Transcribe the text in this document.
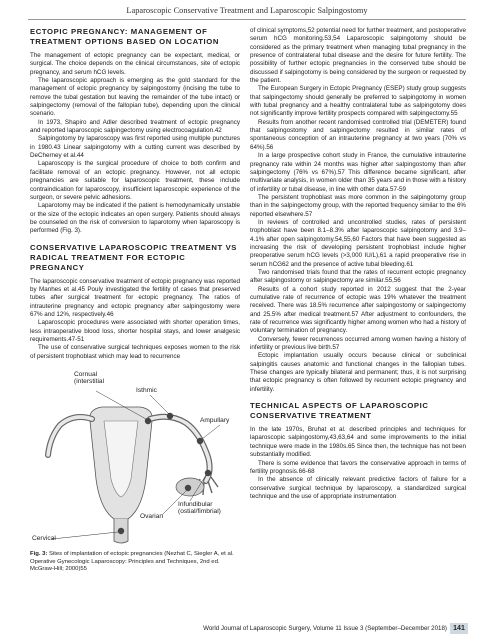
Laparoscopic Conservative Treatment and Laparoscopic Salpingostomy
ECTOPIC PREGNANCY: MANAGEMENT OF TREATMENT OPTIONS BASED ON LOCATION

The management of ectopic pregnancy can be expectant, medical, or surgical. The choice depends on the clinical circumstances, site of ectopic pregnancy, and serum hCG levels.

The laparoscopic approach is emerging as the gold standard for the management of ectopic pregnancy by salpingostomy (incising the tube to remove the tubal gestation but leaving the remainder of the tube intact) or salpingectomy (removal of the fallopian tube), depending upon the clinical scenario.

In 1973, Shapiro and Adler described treatment of ectopic pregnancy and reported laparoscopic salpingectomy using electrocoagulation.42

Salpingotomy by laparoscopy was first reported using multiple punctures in 1980.43 Linear salpingotomy with a cutting current was described by DeCherney et al.44

Laparoscopy is the surgical procedure of choice to both confirm and facilitate removal of an ectopic pregnancy. However, not all ectopic pregnancies are suitable for laparoscopic treatment, these include contraindication for laparoscopy, insufficient laparoscopic experience of the surgeon, or severe pelvic adhesions.

Laparotomy may be indicated if the patient is hemodynamically unstable or the size of the ectopic indicates an open surgery. Patients should always be counseled on the risk of conversion to laparotomy when laparoscopy is performed (Fig. 3).

CONSERVATIVE LAPAROSCOPIC TREATMENT VS RADICAL TREATMENT FOR ECTOPIC PREGNANCY

The laparoscopic conservative treatment of ectopic pregnancy was reported by Manhes et al.45 Pouly investigated the fertility of cases that preserved tubes after surgical treatment for ectopic pregnancy. The ratios of intrauterine pregnancy and ectopic pregnancy after salpingostomy were 67% and 12%, respectively.46

Laparoscopic procedures were associated with shorter operation times, less intraoperative blood loss, shorter hospital stays, and lower analgesic requirements.47-51

The use of conservative surgical techniques exposes women to the risk of persistent trophoblast which may lead to recurrence

Cornual
(interstitial
Isthmic
Ampullary
Infundibular
(ostial/fimbrial)
Ovarian
Cervical
Fig. 3: Sites of implantation of ectopic pregnancies (Nezhat C, Siegler A, et al. Operative Gynecologic Laparoscopy: Principles and Techniques, 2nd ed. McGraw-Hill; 2000)55

of clinical symptoms,52 potential need for further treatment, and postoperative serum hCG monitoring.53,54 Laparoscopic salpingotomy should be considered as the primary treatment when managing tubal pregnancy in the presence of contralateral tubal disease and the desire for future fertility. The possibility of further ectopic pregnancies in the conserved tube should be discussed if salpingotomy is being considered by the surgeon or requested by the patient.

The European Surgery in Ectopic Pregnancy (ESEP) study group suggests that salpingectomy should generally be preferred to salpingotomy in women with tubal pregnancy and a healthy contralateral tube as salpingotomy does not significantly improve fertility prospects compared with salpingectomy.55

Results from another recent randomised controlled trial (DEMETER) found that salpingostomy and salpingectomy resulted in similar rates of spontaneous conception of an intrauterine pregnancy at two years (70% vs 64%).56

In a large prospective cohort study in France, the cumulative intrauterine pregnancy rate within 24 months was higher after salpingostomy than after salpingectomy (76% vs 67%).57 This difference became significant, after multivariate analysis, in women older than 35 years and in those with a history of infertility or tubal disease, in line with other data.57-59

The persistent trophoblast was more common in the salpingotomy group than in the salpingectomy group, with the reported frequency similar to the 6% reported elsewhere.57

In reviews of controlled and uncontrolled studies, rates of persistent trophoblast have been 8.1–8.3% after laparoscopic salpingotomy and 3.9–4.1% after open salpingotomy.54,55,60 Factors that have been suggested as increasing the risk of developing persistent trophoblast include higher preoperative serum hCG levels (>3,000 IU/L),61 a rapid preoperative rise in serum hCG62 and the presence of active tubal bleeding.61

Two randomised trials found that the rates of recurrent ectopic pregnancy after salpingostomy or salpingectomy are similar.55,56

Results of a cohort study reported in 2012 suggest that the 2-year cumulative rate of recurrence of ectopic was 19% whatever the treatment received. There was 18.5% recurrence after salpingostomy or salpingectomy and 25.5% after medical treatment.57 After adjustment to confounders, the rate of recurrence was significantly higher among women who had a history of voluntary termination of pregnancy.

Conversely, fewer recurrences occurred among women having a history of infertility or previous live birth.57

Ectopic implantation usually occurs because clinical or subclinical salpingitis causes anatomic and functional changes in the fallopian tubes. These changes are typically bilateral and permanent; thus, it is not surprising that ectopic pregnancy is often followed by recurrent ectopic pregnancy and infertility.

TECHNICAL ASPECTS OF LAPAROSCOPIC CONSERVATIVE TREATMENT

In the late 1970s, Bruhat et al. described principles and techniques for laparoscopic salpingostomy,43,63,64 and some improvements to the initial technique were made in the 1980s.65 Since then, the technique has not been substantially modified.

There is some evidence that favors the conservative approach in terms of fertility prognosis.66-68

In the absence of clinically relevant predictive factors of failure for a conservative surgical technique by laparoscopy, a standardized surgical technique and the use of appropriate instrumentation

World Journal of Laparoscopic Surgery, Volume 11 Issue 3 (September–December 2018) 141
